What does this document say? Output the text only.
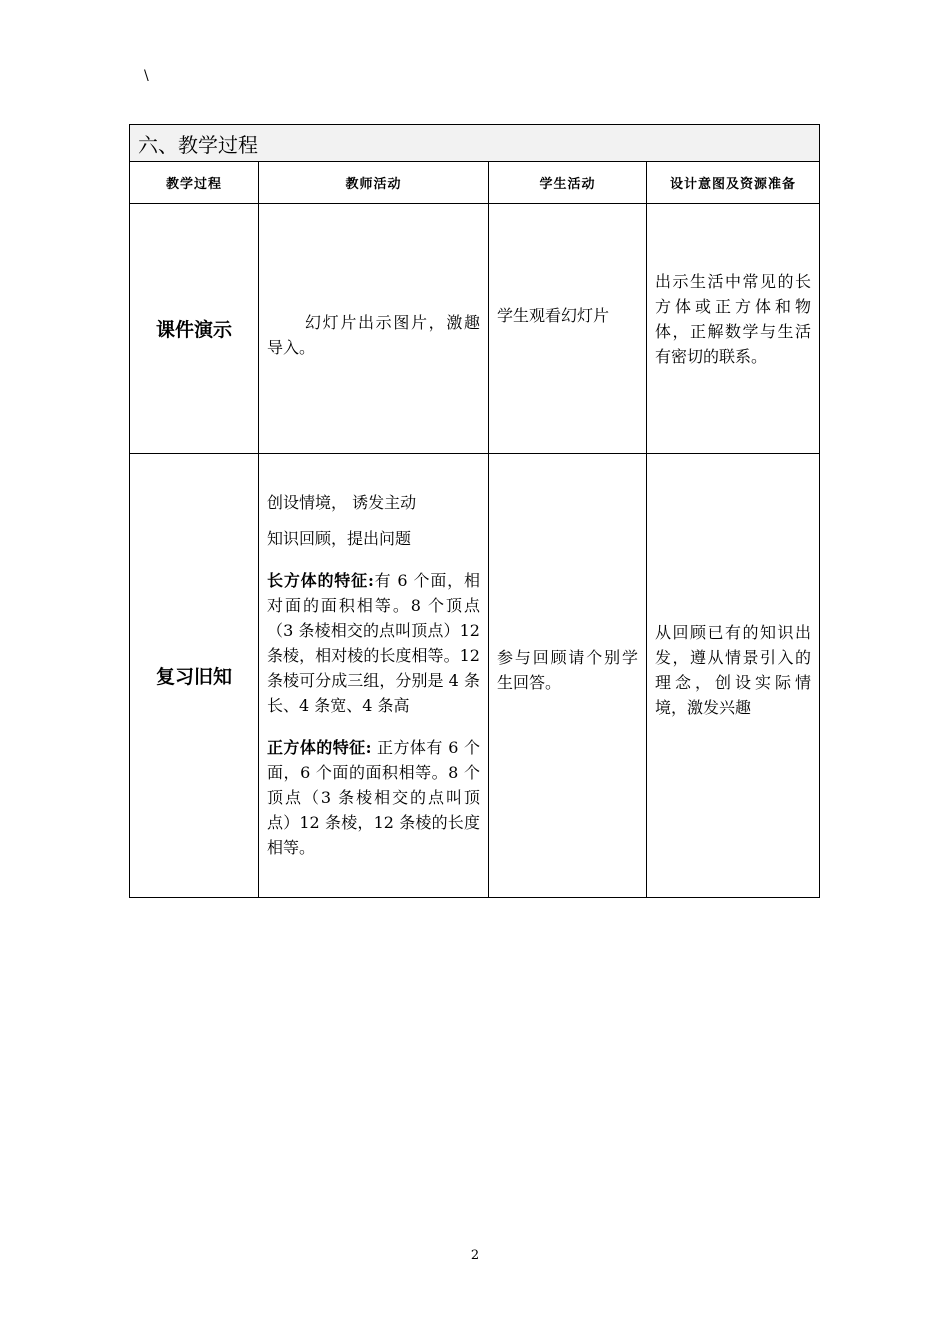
\
六、教学过程			
教学过程	教师活动	学生活动	设计意图及资源准备
课件演示	幻灯片出示图片，激趣导入。	学生观看幻灯片	出示生活中常见的长方体或正方体和物体，正解数学与生活有密切的联系。

复习旧知	创设情境， 诱发主动

知识回顾，提出问题

长方体的特征:有 6 个面，相对面的面积相等。8 个顶点（3 条棱相交的点叫顶点）12 条棱，相对棱的长度相等。12 条棱可分成三组，分别是 4 条长、4 条宽、4 条高

正方体的特征: 正方体有 6 个面，6 个面的面积相等。8 个顶点（3 条棱相交的点叫顶点）12 条棱，12 条棱的长度相等。	参与回顾请个别学生回答。	从回顾已有的知识出发，遵从情景引入的理念，创设实际情境，激发兴趣

2
